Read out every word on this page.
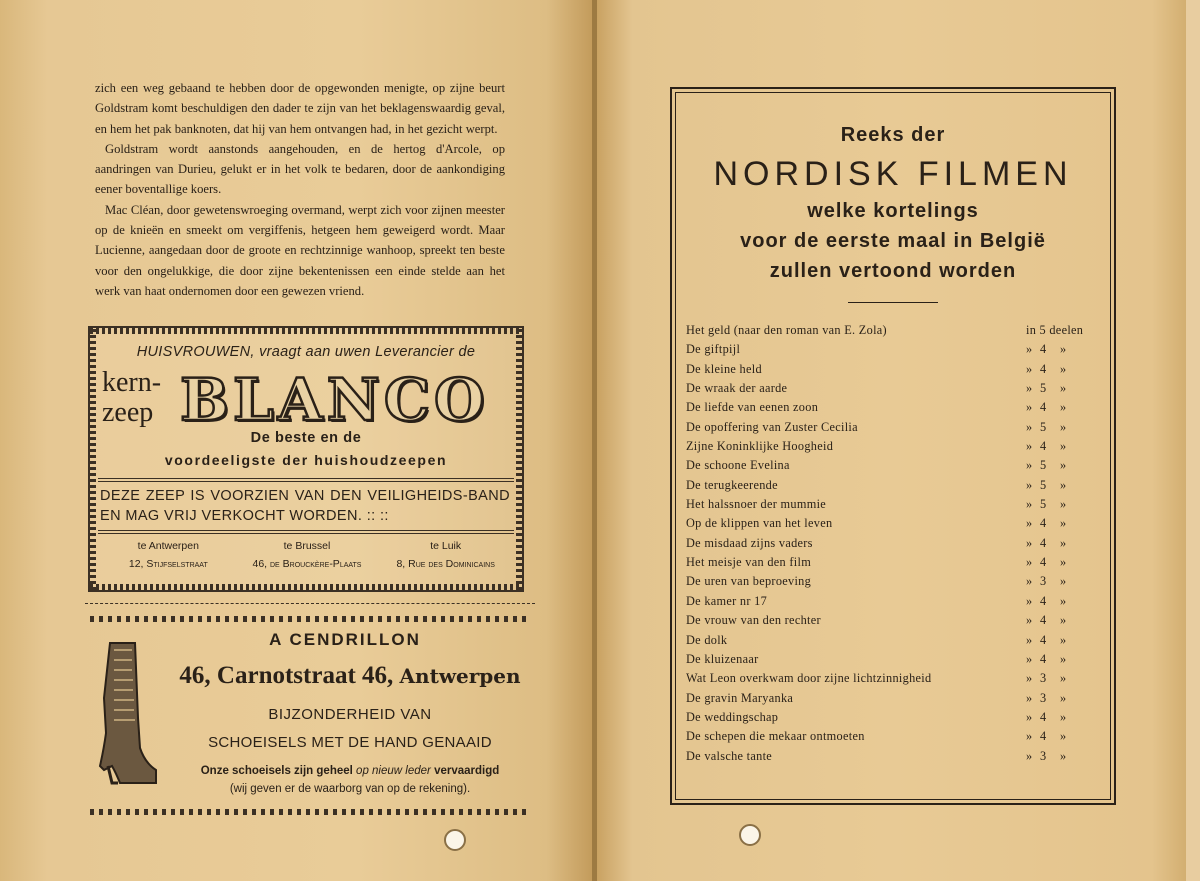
zich een weg gebaand te hebben door de opgewonden menigte, op zijne beurt Goldstram komt beschuldigen den dader te zijn van het beklagenswaardig geval, en hem het pak banknoten, dat hij van hem ontvangen had, in het gezicht werpt.

Goldstram wordt aanstonds aangehouden, en de hertog d'Arcole, op aandringen van Durieu, gelukt er in het volk te bedaren, door de aankondiging eener boventallige koers.

Mac Cléan, door gewetenswroeging overmand, werpt zich voor zijnen meester op de knieën en smeekt om vergiffenis, hetgeen hem geweigerd wordt. Maar Lucienne, aangedaan door de groote en rechtzinnige wanhoop, spreekt ten beste voor den ongelukkige, die door zijne bekentenissen een einde stelde aan het werk van haat ondernomen door een gewezen vriend.

HUISVROUWEN, vraagt aan uwen Leverancier de
kern-
zeep BLANCO
De beste en de
voordeeligste der huishoudzeepen
DEZE ZEEP IS VOORZIEN VAN DEN VEILIGHEIDS-BAND EN MAG VRIJ VERKOCHT WORDEN. :: ::
te Antwerpen	te Brussel	te Luik
12, Stijfselstraat	46, de Brouckère-Plaats	8, Rue des Dominicains
A CENDRILLON
46, Carnotstraat 46, Antwerpen
BIJZONDERHEID VAN
SCHOEISELS MET DE HAND GENAAID
Onze schoeisels zijn geheel op nieuw leder vervaardigd
(wij geven er de waarborg van op de rekening).
Reeks der
NORDISK FILMEN
welke kortelings
voor de eerste maal in België
zullen vertoond worden
Het geld (naar den roman van E. Zola)	in 5 deelen
De giftpijl	» 4 »
De kleine held	» 4 »
De wraak der aarde	» 5 »
De liefde van eenen zoon	» 4 »
De opoffering van Zuster Cecilia	» 5 »
Zijne Koninklijke Hoogheid	» 4 »
De schoone Evelina	» 5 »
De terugkeerende	» 5 »
Het halssnoer der mummie	» 5 »
Op de klippen van het leven	» 4 »
De misdaad zijns vaders	» 4 »
Het meisje van den film	» 4 »
De uren van beproeving	» 3 »
De kamer nr 17	» 4 »
De vrouw van den rechter	» 4 »
De dolk	» 4 »
De kluizenaar	» 4 »
Wat Leon overkwam door zijne lichtzinnigheid	» 3 »
De gravin Maryanka	» 3 »
De weddingschap	» 4 »
De schepen die mekaar ontmoeten	» 4 »
De valsche tante	» 3 »
